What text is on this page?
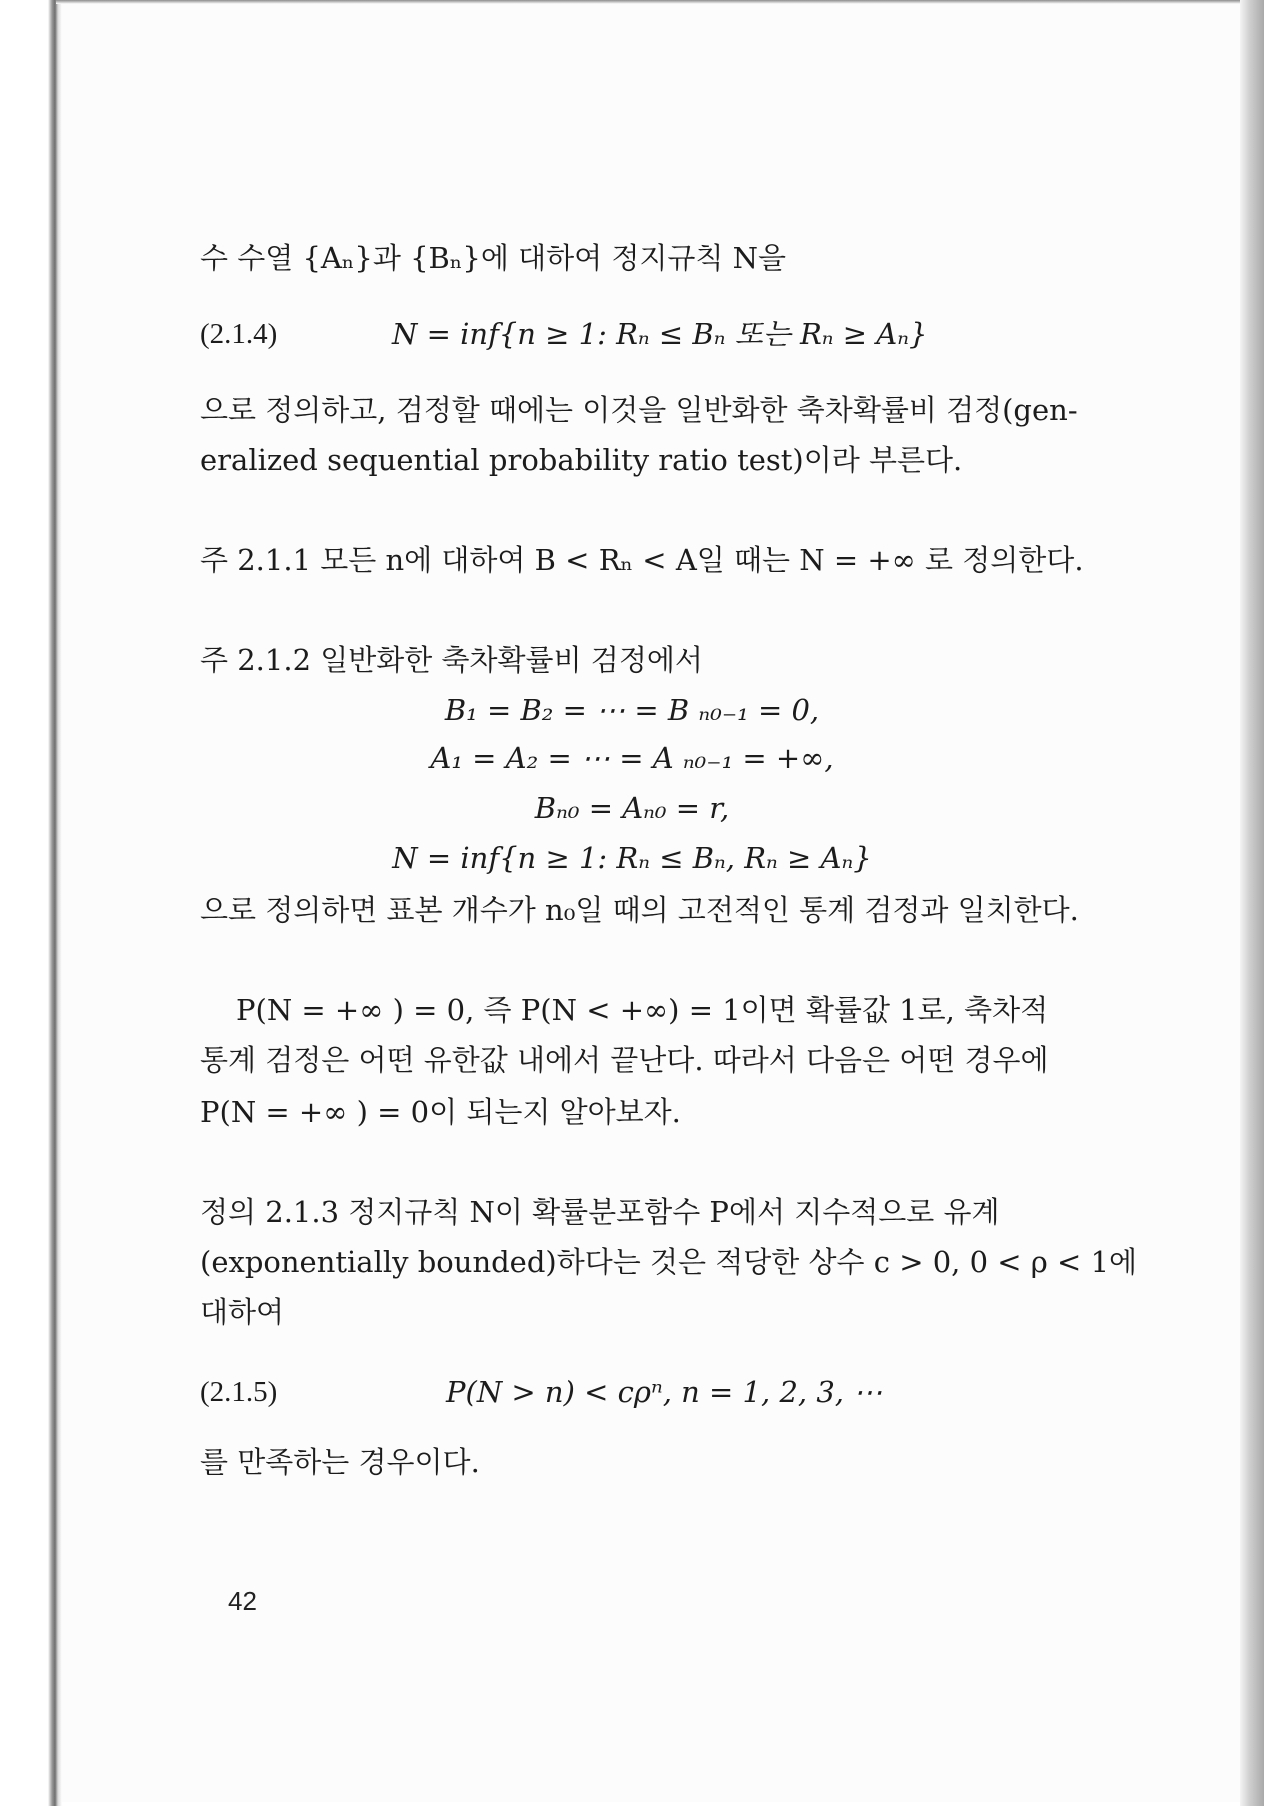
수 수열 {Aₙ}과 {Bₙ}에 대하여 정지규칙 N을
(2.1.4)	N = inf{n ≥ 1: Rₙ ≤ Bₙ 또는 Rₙ ≥ Aₙ}
으로 정의하고, 검정할 때에는 이것을 일반화한 축차확률비 검정(gen-
eralized sequential probability ratio test)이라 부른다.
주 2.1.1 모든 n에 대하여 B < Rₙ < A일 때는 N = +∞ 로 정의한다.
주 2.1.2 일반화한 축차확률비 검정에서
B₁ = B₂ = ⋯ = B ₙ₀₋₁ = 0,
A₁ = A₂ = ⋯ = A ₙ₀₋₁ = +∞,
Bₙ₀ = Aₙ₀ = r,
N = inf{n ≥ 1: Rₙ ≤ Bₙ, Rₙ ≥ Aₙ}
으로 정의하면 표본 개수가 n₀일 때의 고전적인 통계 검정과 일치한다.
P(N = +∞ ) = 0, 즉 P(N < +∞) = 1이면 확률값 1로, 축차적
통계 검정은 어떤 유한값 내에서 끝난다. 따라서 다음은 어떤 경우에
P(N = +∞ ) = 0이 되는지 알아보자.
정의 2.1.3 정지규칙 N이 확률분포함수 P에서 지수적으로 유계
(exponentially bounded)하다는 것은 적당한 상수 c > 0, 0 < ρ < 1에
대하여
(2.1.5)	P(N > n) < cρⁿ, n = 1, 2, 3, ⋯
를 만족하는 경우이다.
42
